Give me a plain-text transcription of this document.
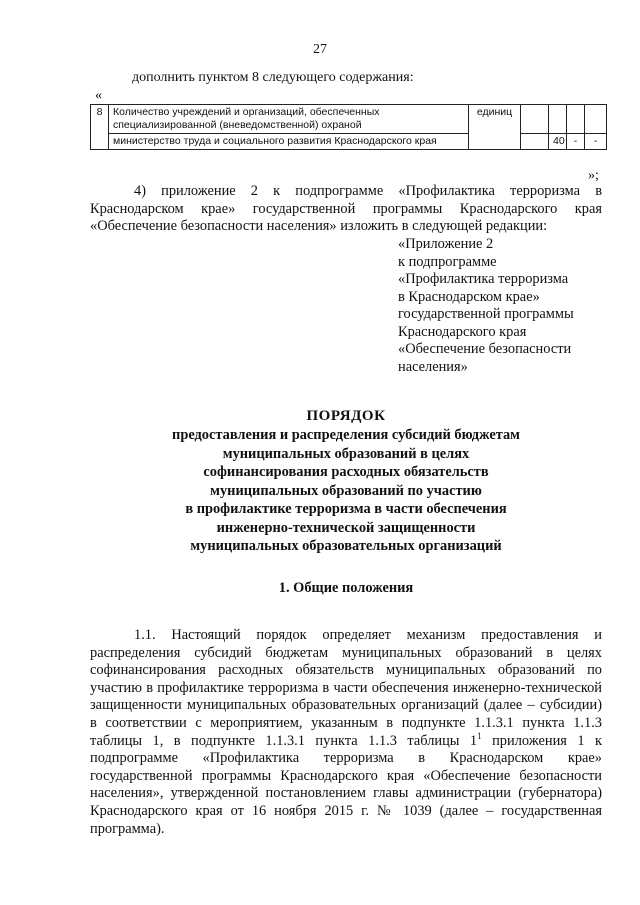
27
дополнить пунктом 8 следующего содержания:
«
8	Количество учреждений и организаций, обеспеченных специализированной (вневедомственной) охраной	единиц				
	министерство труда и социального развития Краснодарского края			40	-	-
»;
4) приложение 2 к подпрограмме «Профилактика терроризма в Краснодарском крае» государственной программы Краснодарского края «Обеспечение безопасности населения» изложить в следующей редакции:
«Приложение 2
к подпрограмме
«Профилактика терроризма
в Краснодарском крае»
государственной программы
Краснодарского края
«Обеспечение безопасности
населения»
ПОРЯДОК
предоставления и распределения субсидий бюджетам
муниципальных образований в целях
софинансирования расходных обязательств
муниципальных образований по участию
в профилактике терроризма в части обеспечения
инженерно-технической защищенности
муниципальных образовательных организаций
1. Общие положения
1.1. Настоящий порядок определяет механизм предоставления и распределения субсидий бюджетам муниципальных образований в целях софинансирования расходных обязательств муниципальных образований по участию в профилактике терроризма в части обеспечения инженерно-технической защищенности муниципальных образовательных организаций (далее – субсидии) в соответствии с мероприятием, указанным в подпункте 1.1.3.1 пункта 1.1.3 таблицы 1, в подпункте 1.1.3.1 пункта 1.1.3 таблицы $1^1$ приложения 1 к подпрограмме «Профилактика терроризма в Краснодарском крае» государственной программы Краснодарского края «Обеспечение безопасности населения», утвержденной постановлением главы администрации (губернатора) Краснодарского края от 16 ноября 2015 г. № 1039 (далее – государственная программа).
